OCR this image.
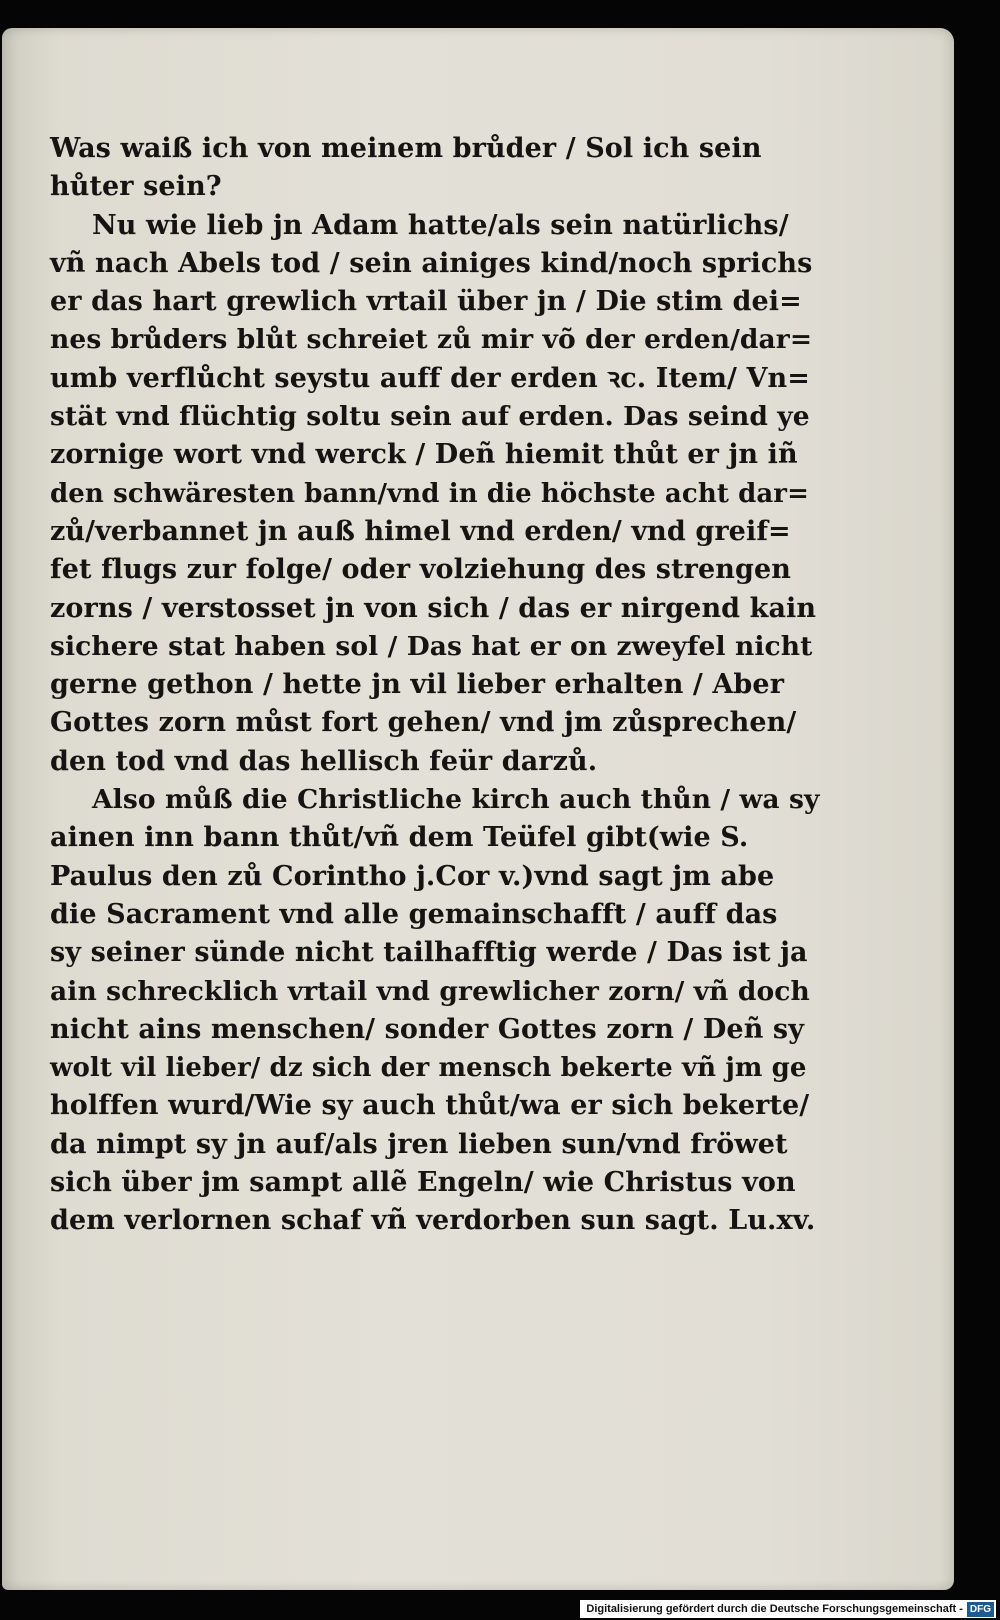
Was waiß ich von meinem brůder / Sol ich sein
hůter sein?
Nu wie lieb jn Adam hatte/als sein natürlichs/
vñ nach Abels tod / sein ainiges kind/noch sprichs
er das hart grewlich vrtail über jn / Die stim dei=
nes brůders blůt schreiet zů mir võ der erden/dar=
umb verflůcht seystu auff der erden ꝛc. Item/ Vn=
stät vnd flüchtig soltu sein auf erden. Das seind ye
zornige wort vnd werck / Deñ hiemit thůt er jn iñ
den schwäresten bann/vnd in die höchste acht dar=
zů/verbannet jn auß himel vnd erden/ vnd greif=
fet flugs zur folge/ oder volziehung des strengen
zorns / verstosset jn von sich / das er nirgend kain
sichere stat haben sol / Das hat er on zweyfel nicht
gerne gethon / hette jn vil lieber erhalten / Aber
Gottes zorn můst fort gehen/ vnd jm zůsprechen/
den tod vnd das hellisch feür darzů.
Also můß die Christliche kirch auch thůn / wa sy
ainen inn bann thůt/vñ dem Teüfel gibt(wie S.
Paulus den zů Corintho j.Cor v.)vnd sagt jm abe
die Sacrament vnd alle gemainschafft / auff das
sy seiner sünde nicht tailhafftig werde / Das ist ja
ain schrecklich vrtail vnd grewlicher zorn/ vñ doch
nicht ains menschen/ sonder Gottes zorn / Deñ sy
wolt vil lieber/ dz sich der mensch bekerte vñ jm ge
holffen wurd/Wie sy auch thůt/wa er sich bekerte/
da nimpt sy jn auf/als jren lieben sun/vnd fröwet
sich über jm sampt allẽ Engeln/ wie Christus von
dem verlornen schaf vñ verdorben sun sagt. Lu.xv.
Digitalisierung gefördert durch die Deutsche Forschungsgemeinschaft - DFG
